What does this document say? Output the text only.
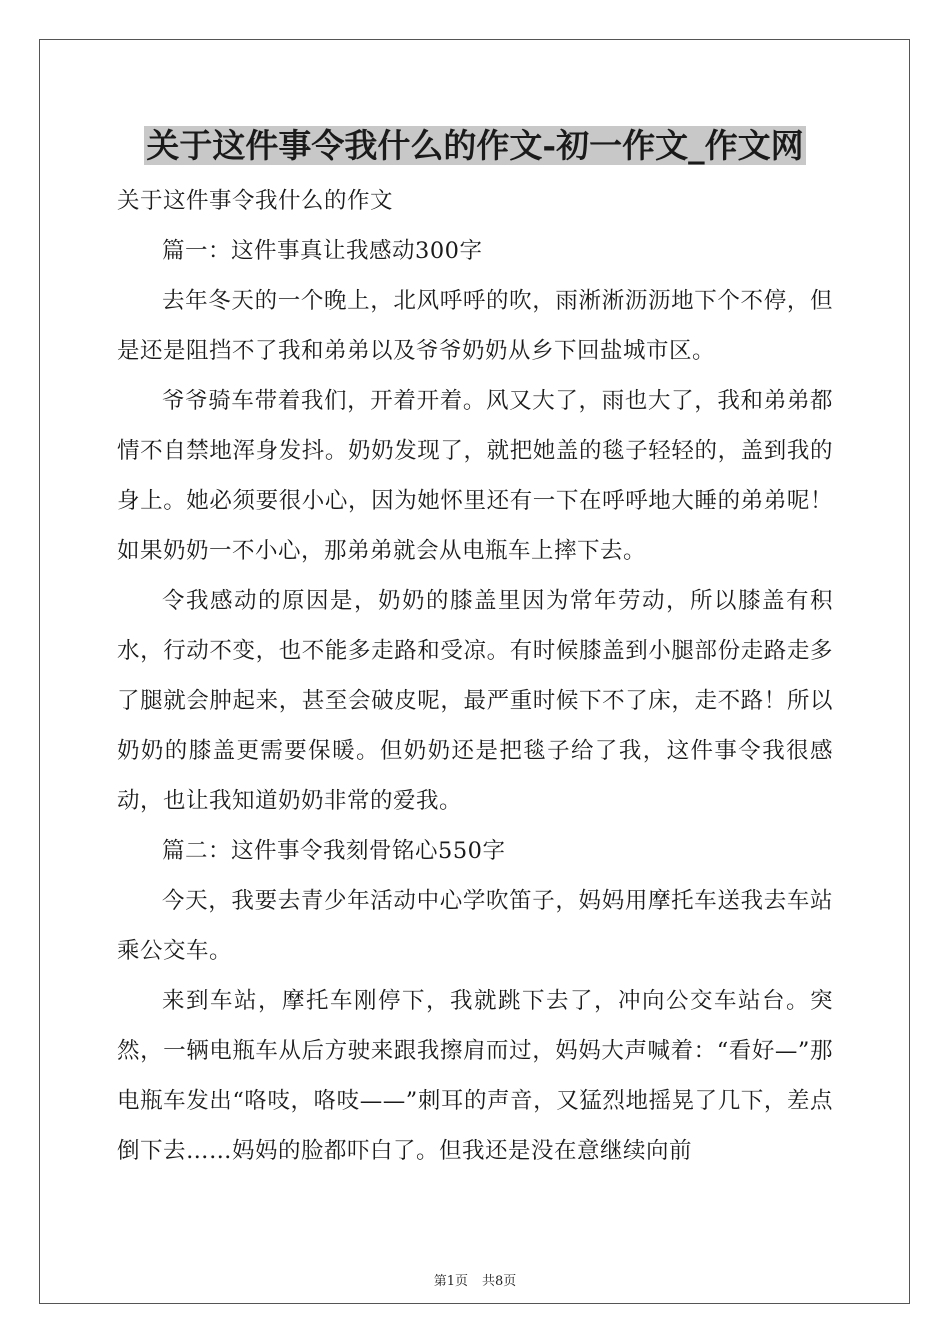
关于这件事令我什么的作文-初一作文_作文网

关于这件事令我什么的作文

篇一：这件事真让我感动300字

去年冬天的一个晚上，北风呼呼的吹，雨淅淅沥沥地下个不停，但是还是阻挡不了我和弟弟以及爷爷奶奶从乡下回盐城市区。

爷爷骑车带着我们，开着开着。风又大了，雨也大了，我和弟弟都情不自禁地浑身发抖。奶奶发现了，就把她盖的毯子轻轻的，盖到我的身上。她必须要很小心，因为她怀里还有一下在呼呼地大睡的弟弟呢！如果奶奶一不小心，那弟弟就会从电瓶车上摔下去。

令我感动的原因是，奶奶的膝盖里因为常年劳动，所以膝盖有积水，行动不变，也不能多走路和受凉。有时候膝盖到小腿部份走路走多了腿就会肿起来，甚至会破皮呢，最严重时候下不了床，走不路！所以奶奶的膝盖更需要保暖。但奶奶还是把毯子给了我，这件事令我很感动，也让我知道奶奶非常的爱我。

篇二：这件事令我刻骨铭心550字

今天，我要去青少年活动中心学吹笛子，妈妈用摩托车送我去车站乘公交车。

来到车站，摩托车刚停下，我就跳下去了，冲向公交车站台。突然，一辆电瓶车从后方驶来跟我擦肩而过，妈妈大声喊着：“看好—”那电瓶车发出“咯吱，咯吱——”刺耳的声音，又猛烈地摇晃了几下，差点倒下去……妈妈的脸都吓白了。但我还是没在意继续向前

第1页 共8页
